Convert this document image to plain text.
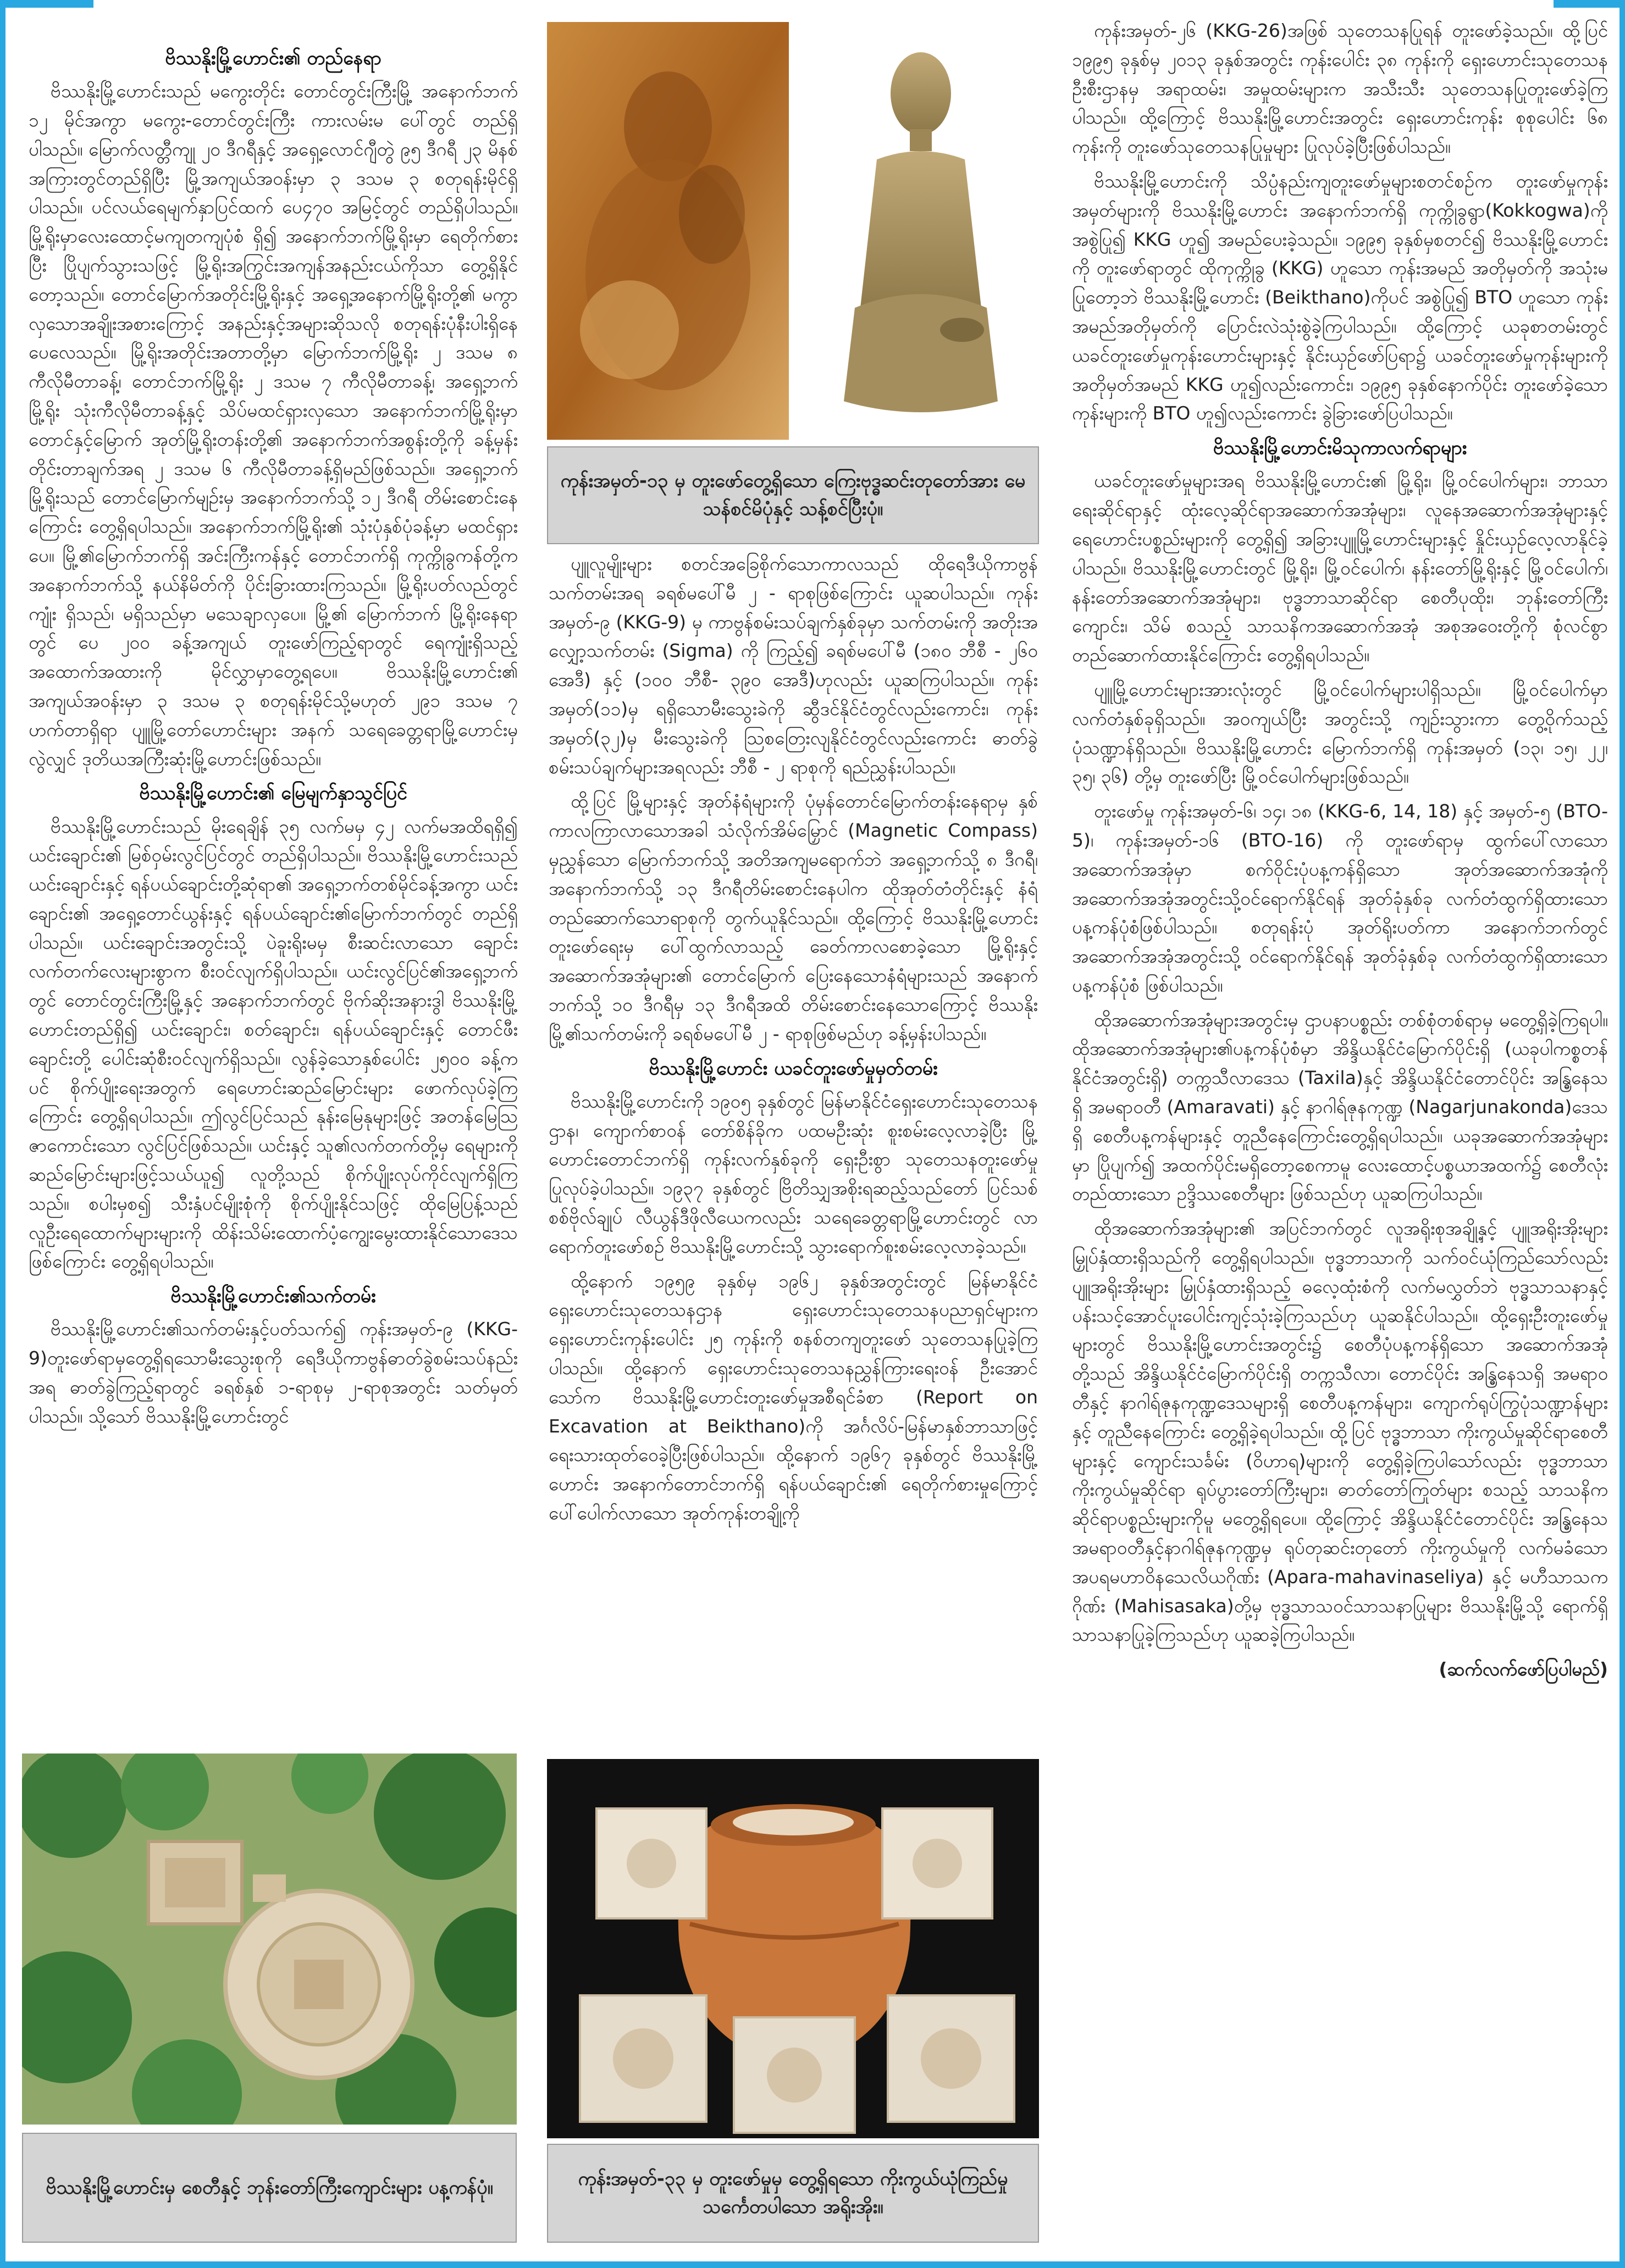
ဗိဿနိုးမြို့ဟောင်း၏ တည်နေရာ

ဗိဿနိုးမြို့ဟောင်းသည် မကွေးတိုင်း တောင်တွင်းကြီးမြို့ အနောက်ဘက် ၁၂ မိုင်အကွာ မကွေး-တောင်တွင်းကြီး ကားလမ်းမ ပေါ်တွင် တည်ရှိပါသည်။ မြောက်လတ္တီကျု ၂၀ ဒီဂရီနှင့် အရှေ့လောင်ဂျီတွဲ ၉၅ ဒီဂရီ ၂၃ မိနစ်အကြားတွင်တည်ရှိပြီး မြို့အကျယ်အဝန်းမှာ ၃ ဒသမ ၃ စတုရန်းမိုင်ရှိပါသည်။ ပင်လယ်ရေမျက်နှာပြင်ထက် ပေ၄၇၀ အမြင့်တွင် တည်ရှိပါသည်။ မြို့ရိုးမှာလေးထောင့်မကျတကျပုံစံ ရှိ၍ အနောက်ဘက်မြို့ရိုးမှာ ရေတိုက်စားပြီး ပြိုပျက်သွားသဖြင့် မြို့ရိုးအကြွင်းအကျန်အနည်းငယ်ကိုသာ တွေ့ရှိနိုင်တော့သည်။ တောင်မြောက်အတိုင်းမြို့ရိုးနှင့် အရှေ့အနောက်မြို့ရိုးတို့၏ မကွာလှသောအချိုးအစားကြောင့် အနည်းနှင့်အများဆိုသလို စတုရန်းပုံနီးပါးရှိနေပေလေသည်။ မြို့ရိုးအတိုင်းအတာတို့မှာ မြောက်ဘက်မြို့ရိုး ၂ ဒသမ ၈ ကီလိုမီတာခန့်၊ တောင်ဘက်မြို့ရိုး ၂ ဒသမ ၇ ကီလိုမီတာခန့်၊ အရှေ့ဘက်မြို့ရိုး သုံးကီလိုမီတာခန့်နှင့် သိပ်မထင်ရှားလှသော အနောက်ဘက်မြို့ရိုးမှာ တောင်နှင့်မြောက် အုတ်မြို့ရိုးတန်းတို့၏ အနောက်ဘက်အစွန်းတို့ကို ခန့်မှန်းတိုင်းတာချက်အရ ၂ ဒသမ ၆ ကီလိုမီတာခန့်ရှိမည်ဖြစ်သည်။ အရှေ့ဘက်မြို့ရိုးသည် တောင်မြောက်မျဉ်းမှ အနောက်ဘက်သို့ ၁၂ ဒီဂရီ တိမ်းစောင်းနေကြောင်း တွေ့ရှိရပါသည်။ အနောက်ဘက်မြို့ရိုး၏ သုံးပုံနှစ်ပုံခန့်မှာ မထင်ရှားပေ။ မြို့၏မြောက်ဘက်ရှိ အင်းကြီးကန်နှင့် တောင်ဘက်ရှိ ကုက္ကိုခွကန်တို့က အနောက်ဘက်သို့ နယ်နိမိတ်ကို ပိုင်းခြားထားကြသည်။ မြို့ရိုးပတ်လည်တွင် ကျုံး ရှိသည်၊ မရှိသည်မှာ မသေချာလှပေ။ မြို့၏ မြောက်ဘက် မြို့ရိုးနေရာတွင် ပေ ၂၀၀ ခန့်အကျယ် တူးဖော်ကြည့်ရာတွင် ရေကျုံးရှိသည့်အထောက်အထားကို မိုင်လွှာမှာတွေ့ရပေ။ ဗိဿနိုးမြို့ဟောင်း၏ အကျယ်အဝန်းမှာ ၃ ဒသမ ၃ စတုရန်းမိုင်သို့မဟုတ် ၂၉၁ ဒသမ ၇ ဟက်တာရှိရာ ပျူမြို့တော်ဟောင်းများ အနက် သရေခေတ္တရာမြို့ဟောင်းမှလွဲလျှင် ဒုတိယအကြီးဆုံးမြို့ဟောင်းဖြစ်သည်။

ဗိဿနိုးမြို့ဟောင်း၏ မြေမျက်နှာသွင်ပြင်

ဗိဿနိုးမြို့ဟောင်းသည် မိုးရေချိန် ၃၅ လက်မမှ ၄၂ လက်မအထိရရှိ၍ ယင်းချောင်း၏ မြစ်ဝှမ်းလွင်ပြင်တွင် တည်ရှိပါသည်။ ဗိဿနိုးမြို့ဟောင်းသည် ယင်းချောင်းနှင့် ရန်ပယ်ချောင်းတို့ဆုံရာ၏ အရှေ့ဘက်တစ်မိုင်ခန့်အကွာ ယင်းချောင်း၏ အရှေ့တောင်ယွန်းနှင့် ရန်ပယ်ချောင်း၏မြောက်ဘက်တွင် တည်ရှိပါသည်။ ယင်းချောင်းအတွင်းသို့ ပဲခူးရိုးမမှ စီးဆင်းလာသော ချောင်းလက်တက်လေးများစွာက စီးဝင်လျက်ရှိပါသည်။ ယင်းလွင်ပြင်၏အရှေ့ဘက်တွင် တောင်တွင်းကြီးမြို့နှင့် အနောက်ဘက်တွင် ဗိုက်ဆိုးအနားဒွါ ဗိဿနိုးမြို့ဟောင်းတည်ရှိ၍ ယင်းချောင်း၊ စတ်ချောင်း၊ ရန်ပယ်ချောင်းနှင့် တောင်ဖီးချောင်းတို့ ပေါင်းဆုံစီးဝင်လျက်ရှိသည်။ လွန်ခဲ့သောနှစ်ပေါင်း ၂၅၀၀ ခန့်ကပင် စိုက်ပျိုးရေးအတွက် ရေဟောင်းဆည်မြောင်းများ ဖောက်လုပ်ခဲ့ကြကြောင်း တွေ့ရှိရပါသည်။ ဤလွင်ပြင်သည် နုန်းမြေနုများဖြင့် အတန်မြေသြဇာကောင်းသော လွင်ပြင်ဖြစ်သည်။ ယင်းနှင့် သူ၏လက်တက်တို့မှ ရေများကို ဆည်မြောင်းများဖြင့်သယ်ယူ၍ လူတို့သည် စိုက်ပျိုးလုပ်ကိုင်လျက်ရှိကြသည်။ စပါးမှစ၍ သီးနှံပင်မျိုးစုံကို စိုက်ပျိုးနိုင်သဖြင့် ထိုမြေပြန့်သည် လူဦးရေထောက်များများကို ထိန်းသိမ်းထောက်ပံ့ကျွေးမွေးထားနိုင်သောဒေသဖြစ်ကြောင်း တွေ့ရှိရပါသည်။

ဗိဿနိုးမြို့ဟောင်း၏သက်တမ်း

ဗိဿနိုးမြို့ဟောင်း၏သက်တမ်းနှင့်ပတ်သက်၍ ကုန်းအမှတ်-၉ (KKG-9)တူးဖော်ရာမှတွေ့ရှိရသောမီးသွေးစုကို ရေဒီယိုကာဗွန်ဓာတ်ခွဲစမ်းသပ်နည်းအရ ဓာတ်ခွဲကြည့်ရာတွင် ခရစ်နှစ် ၁-ရာစုမှ ၂-ရာစုအတွင်း သတ်မှတ်ပါသည်။ သို့သော် ဗိဿနိုးမြို့ဟောင်းတွင်

ကုန်းအမှတ်-၁၃ မှ တူးဖော်တွေ့ရှိသော ကြေးဗုဒ္ဓဆင်းတုတော်အား မေသန်စင်မိပုံနှင့် သန့်စင်ပြီးပုံ။

ပျူလူမျိုးများ စတင်အခြေစိုက်သောကာလသည် ထိုရေဒီယိုကာဗွန်သက်တမ်းအရ ခရစ်မပေါ်မီ ၂ - ရာစုဖြစ်ကြောင်း ယူဆပါသည်။ ကုန်းအမှတ်-၉ (KKG-9) မှ ကာဗွန်စမ်းသပ်ချက်နှစ်ခုမှာ သက်တမ်းကို အတိုးအလျှော့သက်တမ်း (Sigma) ကို ကြည့်၍ ခရစ်မပေါ်မီ (၁၈၀ ဘီစီ - ၂၆၀ အေဒီ) နှင့် (၁၀၀ ဘီစီ- ၃၉၀ အေဒီ)ဟုလည်း ယူဆကြပါသည်။ ကုန်းအမှတ်(၁၁)မှ ရရှိသောမီးသွေးခဲကို ဆွီဒင်နိုင်ငံတွင်လည်းကောင်း၊ ကုန်းအမှတ်(၃၂)မှ မီးသွေးခဲကို ဩစတြေးလျနိုင်ငံတွင်လည်းကောင်း ဓာတ်ခွဲစမ်းသပ်ချက်များအရလည်း ဘီစီ - ၂ ရာစုကို ရည်ညွှန်းပါသည်။

ထို့ပြင် မြို့များနှင့် အုတ်နံရံများကို ပုံမှန်တောင်မြောက်တန်းနေရာမှ နှစ်ကာလကြာလာသောအခါ သံလိုက်အိမ်မြှောင် (Magnetic Compass) မှညွှန်သော မြောက်ဘက်သို့ အတိအကျမရောက်ဘဲ အရှေ့ဘက်သို့ ၈ ဒီဂရီ၊ အနောက်ဘက်သို့ ၁၃ ဒီဂရီတိမ်းစောင်းနေပါက ထိုအုတ်တံတိုင်းနှင့် နံရံတည်ဆောက်သောရာစုကို တွက်ယူနိုင်သည်။ ထို့ကြောင့် ဗိဿနိုးမြို့ဟောင်း တူးဖော်ရေးမှ ပေါ်ထွက်လာသည့် ခေတ်ကာလစောခဲ့သော မြို့ရိုးနှင့် အဆောက်အအုံများ၏ တောင်မြောက် ပြေးနေသောနံရံများသည် အနောက်ဘက်သို့ ၁၀ ဒီဂရီမှ ၁၃ ဒီဂရီအထိ တိမ်းစောင်းနေသောကြောင့် ဗိဿနိုးမြို့၏သက်တမ်းကို ခရစ်မပေါ်မီ ၂ - ရာစုဖြစ်မည်ဟု ခန့်မှန်းပါသည်။

ဗိဿနိုးမြို့ဟောင်း ယခင်တူးဖော်မှုမှတ်တမ်း

ဗိဿနိုးမြို့ဟောင်းကို ၁၉၀၅ ခုနှစ်တွင် မြန်မာနိုင်ငံရှေးဟောင်းသုတေသနဌာန၊ ကျောက်စာဝန် တော်စိန်ခိုက ပထမဦးဆုံး စူးစမ်းလေ့လာခဲ့ပြီး မြို့ဟောင်းတောင်ဘက်ရှိ ကုန်းလက်နှစ်ခုကို ရှေးဦးစွာ သုတေသနတူးဖော်မှု ပြုလုပ်ခဲ့ပါသည်။ ၁၉၃၇ ခုနှစ်တွင် ဗြိတိသျှအစိုးရဆည့်သည်တော် ပြင်သစ်စစ်ဗိုလ်ချုပ် လီယွန်ဒီဖိုလီယေကလည်း သရေခေတ္တရာမြို့ဟောင်းတွင် လာရောက်တူးဖော်စဉ် ဗိဿနိုးမြို့ဟောင်းသို့ သွားရောက်စူးစမ်းလေ့လာခဲ့သည်။

ထို့နောက် ၁၉၅၉ ခုနှစ်မှ ၁၉၆၂ ခုနှစ်အတွင်းတွင် မြန်မာနိုင်ငံရှေးဟောင်းသုတေသနဌာန ရှေးဟောင်းသုတေသနပညာရှင်များက ရှေးဟောင်းကုန်းပေါင်း ၂၅ ကုန်းကို စနစ်တကျတူးဖော် သုတေသနပြုခဲ့ကြပါသည်။ ထို့နောက် ရှေးဟောင်းသုတေသနညွှန်ကြားရေးဝန် ဦးအောင်သော်က ဗိဿနိုးမြို့ဟောင်းတူးဖော်မှုအစီရင်ခံစာ (Report on Excavation at Beikthano)ကို အင်္ဂလိပ်-မြန်မာနှစ်ဘာသာဖြင့် ရေးသားထုတ်ဝေခဲ့ပြီးဖြစ်ပါသည်။ ထို့နောက် ၁၉၆၇ ခုနှစ်တွင် ဗိဿနိုးမြို့ဟောင်း အနောက်တောင်ဘက်ရှိ ရန်ပယ်ချောင်း၏ ရေတိုက်စားမှုကြောင့် ပေါ်ပေါက်လာသော အုတ်ကုန်းတချို့ကို

ကုန်းအမှတ်-၂၆ (KKG-26)အဖြစ် သုတေသနပြုရန် တူးဖော်ခဲ့သည်။ ထို့ပြင် ၁၉၉၅ ခုနှစ်မှ ၂၀၁၃ ခုနှစ်အတွင်း ကုန်းပေါင်း ၃၈ ကုန်းကို ရှေးဟောင်းသုတေသနဦးစီးဌာနမှ အရာထမ်း၊ အမှုထမ်းများက အသီးသီး သုတေသနပြုတူးဖော်ခဲ့ကြပါသည်။ ထို့ကြောင့် ဗိဿနိုးမြို့ဟောင်းအတွင်း ရှေးဟောင်းကုန်း စုစုပေါင်း ၆၈ ကုန်းကို တူးဖော်သုတေသနပြုမှုများ ပြုလုပ်ခဲ့ပြီးဖြစ်ပါသည်။

ဗိဿနိုးမြို့ဟောင်းကို သိပ္ပံနည်းကျတူးဖော်မှုများစတင်စဉ်က တူးဖော်မှုကုန်းအမှတ်များကို ဗိဿနိုးမြို့ဟောင်း အနောက်ဘက်ရှိ ကုက္ကိုခွရွာ(Kokkogwa)ကို အစွဲပြု၍ KKG ဟူ၍ အမည်ပေးခဲ့သည်။ ၁၉၉၅ ခုနှစ်မှစတင်၍ ဗိဿနိုးမြို့ဟောင်းကို တူးဖော်ရာတွင် ထိုကုက္ကိုခွ (KKG) ဟူသော ကုန်းအမည် အတိုမှတ်ကို အသုံးမပြုတော့ဘဲ ဗိဿနိုးမြို့ဟောင်း (Beikthano)ကိုပင် အစွဲပြု၍ BTO ဟူသော ကုန်းအမည်အတိုမှတ်ကို ပြောင်းလဲသုံးစွဲခဲ့ကြပါသည်။ ထို့ကြောင့် ယခုစာတမ်းတွင် ယခင်တူးဖော်မှုကုန်းဟောင်းများနှင့် နိုင်းယှဉ်ဖော်ပြရာ၌ ယခင်တူးဖော်မှုကုန်းများကို အတိုမှတ်အမည် KKG ဟူ၍လည်းကောင်း၊ ၁၉၉၅ ခုနှစ်နောက်ပိုင်း တူးဖော်ခဲ့သော ကုန်းများကို BTO ဟူ၍လည်းကောင်း ခွဲခြားဖော်ပြပါသည်။

ဗိဿနိုးမြို့ဟောင်းမိသုကာလက်ရာများ

ယခင်တူးဖော်မှုများအရ ဗိဿနိုးမြို့ဟောင်း၏ မြို့ရိုး၊ မြို့ဝင်ပေါက်များ၊ ဘာသာရေးဆိုင်ရာနှင့် ထုံးလေ့ဆိုင်ရာအဆောက်အအုံများ၊ လူနေအဆောက်အအုံများနှင့် ရေဟောင်းပစ္စည်းများကို တွေ့ရှိ၍ အခြားပျူမြို့ဟောင်းများနှင့် နှိုင်းယှဉ်လေ့လာနိုင်ခဲ့ပါသည်။ ဗိဿနိုးမြို့ဟောင်းတွင် မြို့ရိုး၊ မြို့ဝင်ပေါက်၊ နန်းတော်မြို့ရိုးနှင့် မြို့ဝင်ပေါက်၊ နန်းတော်အဆောက်အအုံများ၊ ဗုဒ္ဓဘာသာဆိုင်ရာ စေတီပုထိုး၊ ဘုန်းတော်ကြီးကျောင်း၊ သိမ် စသည့် သာသနိကအဆောက်အအုံ အစုအဝေးတို့ကို စုံလင်စွာ တည်ဆောက်ထားနိုင်ကြောင်း တွေ့ရှိရပါသည်။

ပျူမြို့ဟောင်းများအားလုံးတွင် မြို့ဝင်ပေါက်များပါရှိသည်။ မြို့ဝင်ပေါက်မှာ လက်တံနှစ်ခုရှိသည်။ အဝကျယ်ပြီး အတွင်းသို့ ကျဉ်းသွားကာ တွေ့ဝိုက်သည့်ပုံသဏ္ဍာန်ရှိသည်။ ဗိဿနိုးမြို့ဟောင်း မြောက်ဘက်ရှိ ကုန်းအမှတ် (၁၃၊ ၁၅၊ ၂၂၊ ၃၅၊ ၃၆) တို့မှ တူးဖော်ပြီး မြို့ဝင်ပေါက်များဖြစ်သည်။

တူးဖော်မှု ကုန်းအမှတ်-၆၊ ၁၄၊ ၁၈ (KKG-6, 14, 18) နှင့် အမှတ်-၅ (BTO-5)၊ ကုန်းအမှတ်-၁၆ (BTO-16) ကို တူးဖော်ရာမှ ထွက်ပေါ်လာသောအဆောက်အအုံမှာ စက်ဝိုင်းပုံပန့ကန်ရှိသော အုတ်အဆောက်အအုံကို အဆောက်အအုံအတွင်းသို့ဝင်ရောက်နိုင်ရန် အုတ်ခုံနှစ်ခု လက်တံထွက်ရှိထားသော ပန့ကန်ပုံစံဖြစ်ပါသည်။ စတုရန်းပုံ အုတ်ရိုးပတ်ကာ အနောက်ဘက်တွင် အဆောက်အအုံအတွင်းသို့ ဝင်ရောက်နိုင်ရန် အုတ်ခုံနှစ်ခု လက်တံထွက်ရှိထားသော ပန့ကန်ပုံစံ ဖြစ်ပါသည်။

ထိုအဆောက်အအုံများအတွင်းမှ ဌာပနာပစ္စည်း တစ်စုံတစ်ရာမှ မတွေ့ရှိခဲ့ကြရပါ။ ထိုအဆောက်အအုံများ၏ပန့ကန်ပုံစံမှာ အိန္ဒိယနိုင်ငံမြောက်ပိုင်းရှိ (ယခုပါကစ္စတန်နိုင်ငံအတွင်းရှိ) တက္ကသီလာဒေသ (Taxila)နှင့် အိန္ဒိယနိုင်ငံတောင်ပိုင်း အန္ဓြနေသရှိ အမရာဝတီ (Amaravati) နှင့် နာဂါရ်ဇုနကုဏ္ဍ (Nagarjunakonda)ဒေသရှိ စေတီပန့ကန်များနှင့် တူညီနေကြောင်းတွေ့ရှိရပါသည်။ ယခုအဆောက်အအုံများမှာ ပြိုပျက်၍ အထက်ပိုင်းမရှိတော့စေကာမူ လေးထောင့်ပစ္စယာအထက်၌ စေတီလုံးတည်ထားသော ဥဒ္ဒိဿစေတီများ ဖြစ်သည်ဟု ယူဆကြပါသည်။

ထိုအဆောက်အအုံများ၏ အပြင်ဘက်တွင် လူအရိုးစုအချို့နှင့် ပျူအရိုးအိုးများ မြှုပ်နှံထားရှိသည်ကို တွေ့ရှိရပါသည်။ ဗုဒ္ဓဘာသာကို သက်ဝင်ယုံကြည်သော်လည်း ပျူအရိုးအိုးများ မြှုပ်နှံထားရှိသည့် ဓလေ့ထုံးစံကို လက်မလွှတ်ဘဲ ဗုဒ္ဓသာသနာနှင့် ပန်းသင့်အောင်ပူးပေါင်းကျင့်သုံးခဲ့ကြသည်ဟု ယူဆနိုင်ပါသည်။ ထို့ရှေးဦးတူးဖော်မှုများတွင် ဗိဿနိုးမြို့ဟောင်းအတွင်း၌ စေတီပုံပန့ကန်ရှိသော အဆောက်အအုံတို့သည် အိန္ဒိယနိုင်ငံမြောက်ပိုင်းရှိ တက္ကသီလာ၊ တောင်ပိုင်း အန္ဓြနေသရှိ အမရာဝတီနှင့် နာဂါရ်ဇုနကုဏ္ဍဒေသများရှိ စေတီပန့ကန်များ၊ ကျောက်ရုပ်ကြွပုံသဏ္ဍာန်များနှင့် တူညီနေကြောင်း တွေ့ရှိခဲ့ရပါသည်။ ထို့ပြင် ဗုဒ္ဓဘာသာ ကိုးကွယ်မှုဆိုင်ရာစေတီများနှင့် ကျောင်းသင်္ခမ်း (ဝိဟာရ)များကို တွေ့ရှိခဲ့ကြပါသော်လည်း ဗုဒ္ဓဘာသာကိုးကွယ်မှုဆိုင်ရာ ရုပ်ပွားတော်ကြီးများ၊ ဓာတ်တော်ကြုတ်များ စသည့် သာသနိကဆိုင်ရာပစ္စည်းများကိုမူ မတွေ့ရှိရပေ။ ထို့ကြောင့် အိန္ဒိယနိုင်ငံတောင်ပိုင်း အန္ဓြနေသ အမရာဝတီနှင့်နာဂါရ်ဇုနကုဏ္ဍမှ ရုပ်တုဆင်းတုတော် ကိုးကွယ်မှုကို လက်မခံသော အပရမဟာဝိနသေလိယဂိုဏ်း (Apara-mahavinaseliya) နှင့် မဟီသာသကဂိုဏ်း (Mahisasaka)တို့မှ ဗုဒ္ဓသာသဝင်သာသနာပြုများ ဗိဿနိုးမြို့သို့ ရောက်ရှိသာသနာပြုခဲ့ကြသည်ဟု ယူဆခဲ့ကြပါသည်။

(ဆက်လက်ဖော်ပြပါမည်)

ဗိဿနိုးမြို့ဟောင်းမှ စေတီနှင့် ဘုန်းတော်ကြီးကျောင်းများ ပန့ကန်ပုံ။	ကုန်းအမှတ်-၃၃ မှ တူးဖော်မှုမှ တွေ့ရှိရသော ကိုးကွယ်ယုံကြည်မှု သင်္ကေတပါသော အရိုးအိုး။
